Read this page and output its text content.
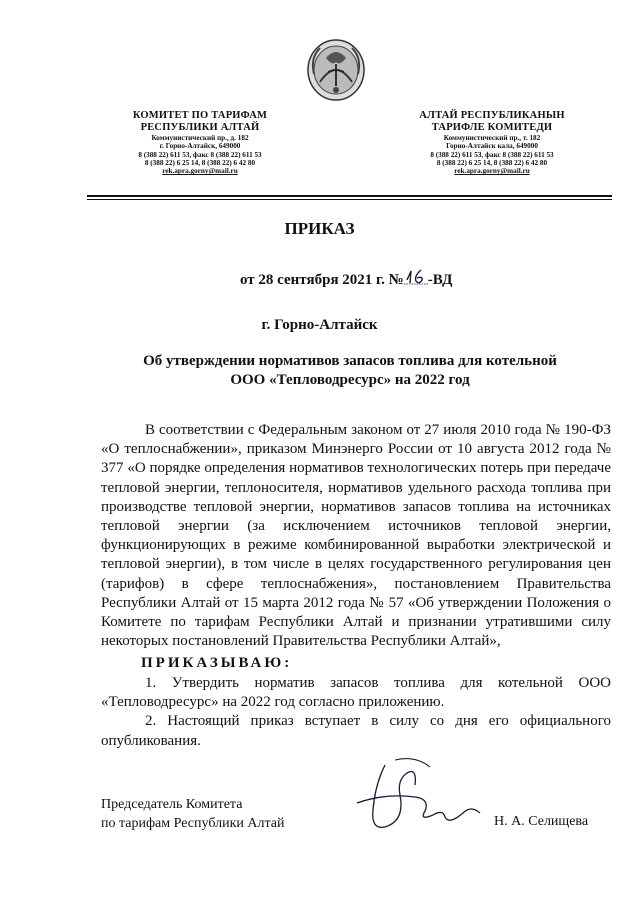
КОМИТЕТ ПО ТАРИФАМ
РЕСПУБЛИКИ АЛТАЙ
Коммунистический пр., д. 182
г. Горно-Алтайск, 649000
8 (388 22) 611 53, факс 8 (388 22) 611 53
8 (388 22) 6 25 14, 8 (388 22) 6 42 80
rek.apra.gorny@mail.ru
АЛТАЙ РЕСПУБЛИКАНЫН
ТАРИФЛЕ КОМИТЕДИ
Коммунистический пр., т. 182
Горно-Алтайск кала, 649000
8 (388 22) 611 53, факс 8 (388 22) 611 53
8 (388 22) 6 25 14, 8 (388 22) 6 42 80
rek.apra.gorny@mail.ru
ПРИКАЗ
от 28 сентября 2021 г. № -ВД
г. Горно-Алтайск
Об утверждении нормативов запасов топлива для котельной
ООО «Тепловодресурс» на 2022 год

В соответствии с Федеральным законом от 27 июля 2010 года № 190-ФЗ «О теплоснабжении», приказом Минэнерго России от 10 августа 2012 года № 377 «О порядке определения нормативов технологических потерь при передаче тепловой энергии, теплоносителя, нормативов удельного расхода топлива при производстве тепловой энергии, нормативов запасов топлива на источниках тепловой энергии (за исключением источников тепловой энергии, функционирующих в режиме комбинированной выработки электрической и тепловой энергии), в том числе в целях государственного регулирования цен (тарифов) в сфере теплоснабжения», постановлением Правительства Республики Алтай от 15 марта 2012 года № 57 «Об утверждении Положения о Комитете по тарифам Республики Алтай и признании утратившими силу некоторых постановлений Правительства Республики Алтай»,

ПРИКАЗЫВАЮ:

1. Утвердить норматив запасов топлива для котельной ООО «Тепловодресурс» на 2022 год согласно приложению.

2. Настоящий приказ вступает в силу со дня его официального опубликования.

Председатель Комитета
по тарифам Республики Алтай	Н. А. Селищева
